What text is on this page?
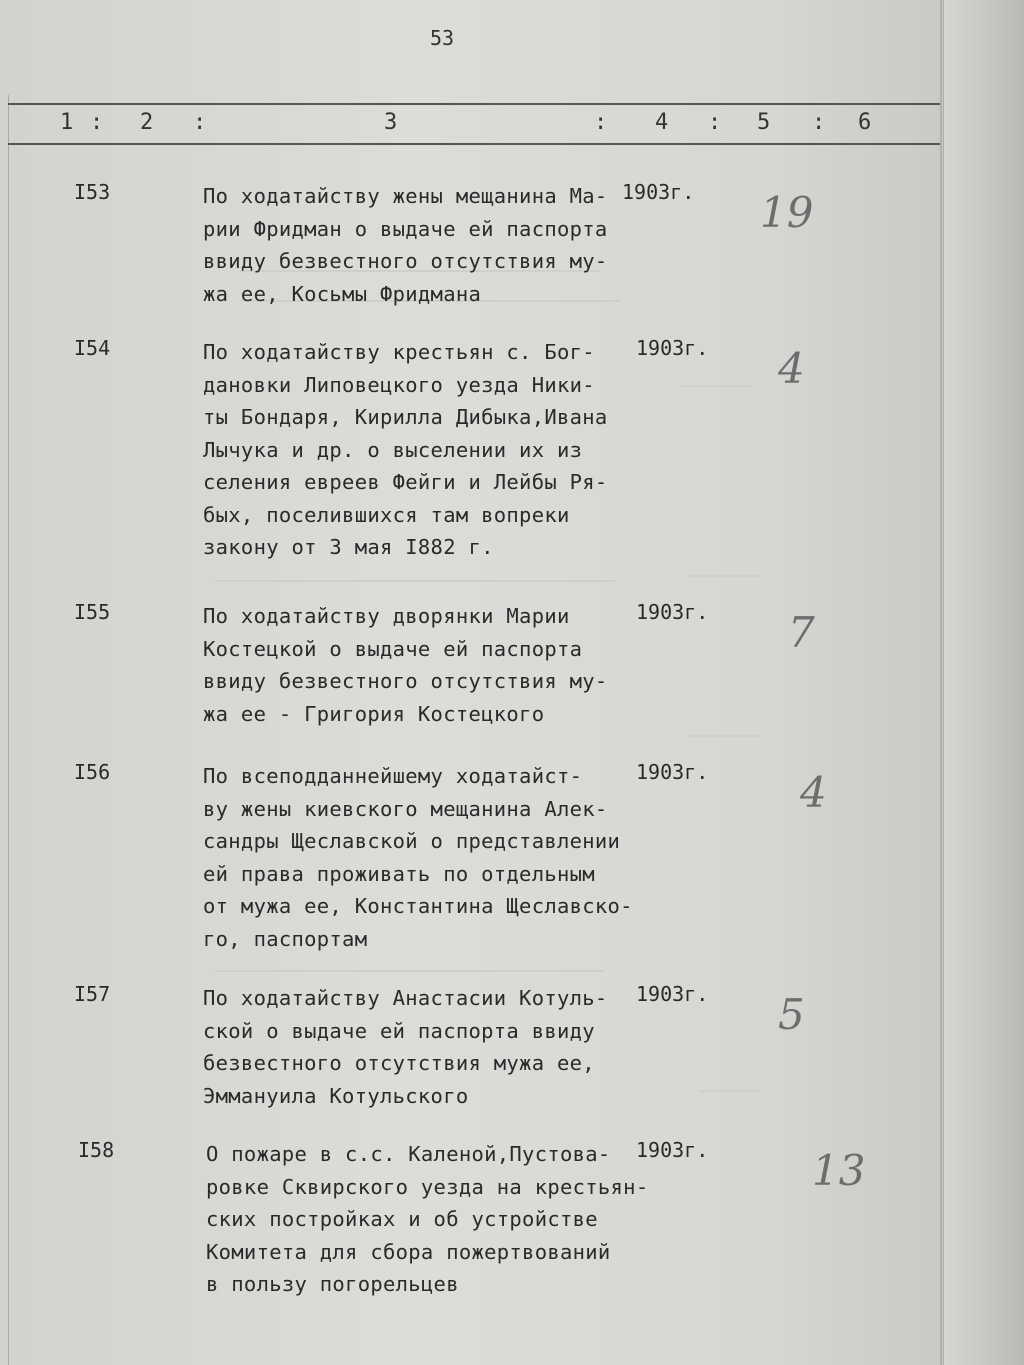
53
1 : 2 :	3	: 4 : 5 : 6
I53	По ходатайству жены мещанина Ма-
рии Фридман о выдаче ей паспорта
ввиду безвестного отсутствия му-
жа ее, Косьмы Фридмана
1903г. 19
I54	По ходатайству крестьян с. Бог-
дановки Липовецкого уезда Ники-
ты Бондаря, Кирилла Дибыка,Ивана
Лычука и др. о выселении их из
селения евреев Фейги и Лейбы Ря-
бых, поселившихся там вопреки
закону от 3 мая I882 г.
1903г. 4
I55	По ходатайству дворянки Марии
Костецкой о выдаче ей паспорта
ввиду безвестного отсутствия му-
жа ее - Григория Костецкого
1903г. 7
I56	По всеподданнейшему ходатайст-
ву жены киевского мещанина Алек-
сандры Щеславской о представлении
ей права проживать по отдельным
от мужа ее, Константина Щеславско-
го, паспортам
1903г. 4
I57	По ходатайству Анастасии Котуль-
ской о выдаче ей паспорта ввиду
безвестного отсутствия мужа ее,
Эммануила Котульского
1903г. 5
I58	О пожаре в с.с. Каленой,Пустова-
ровке Сквирского уезда на крестьян-
ских постройках и об устройстве
Комитета для сбора пожертвований
в пользу погорельцев
1903г. 13
